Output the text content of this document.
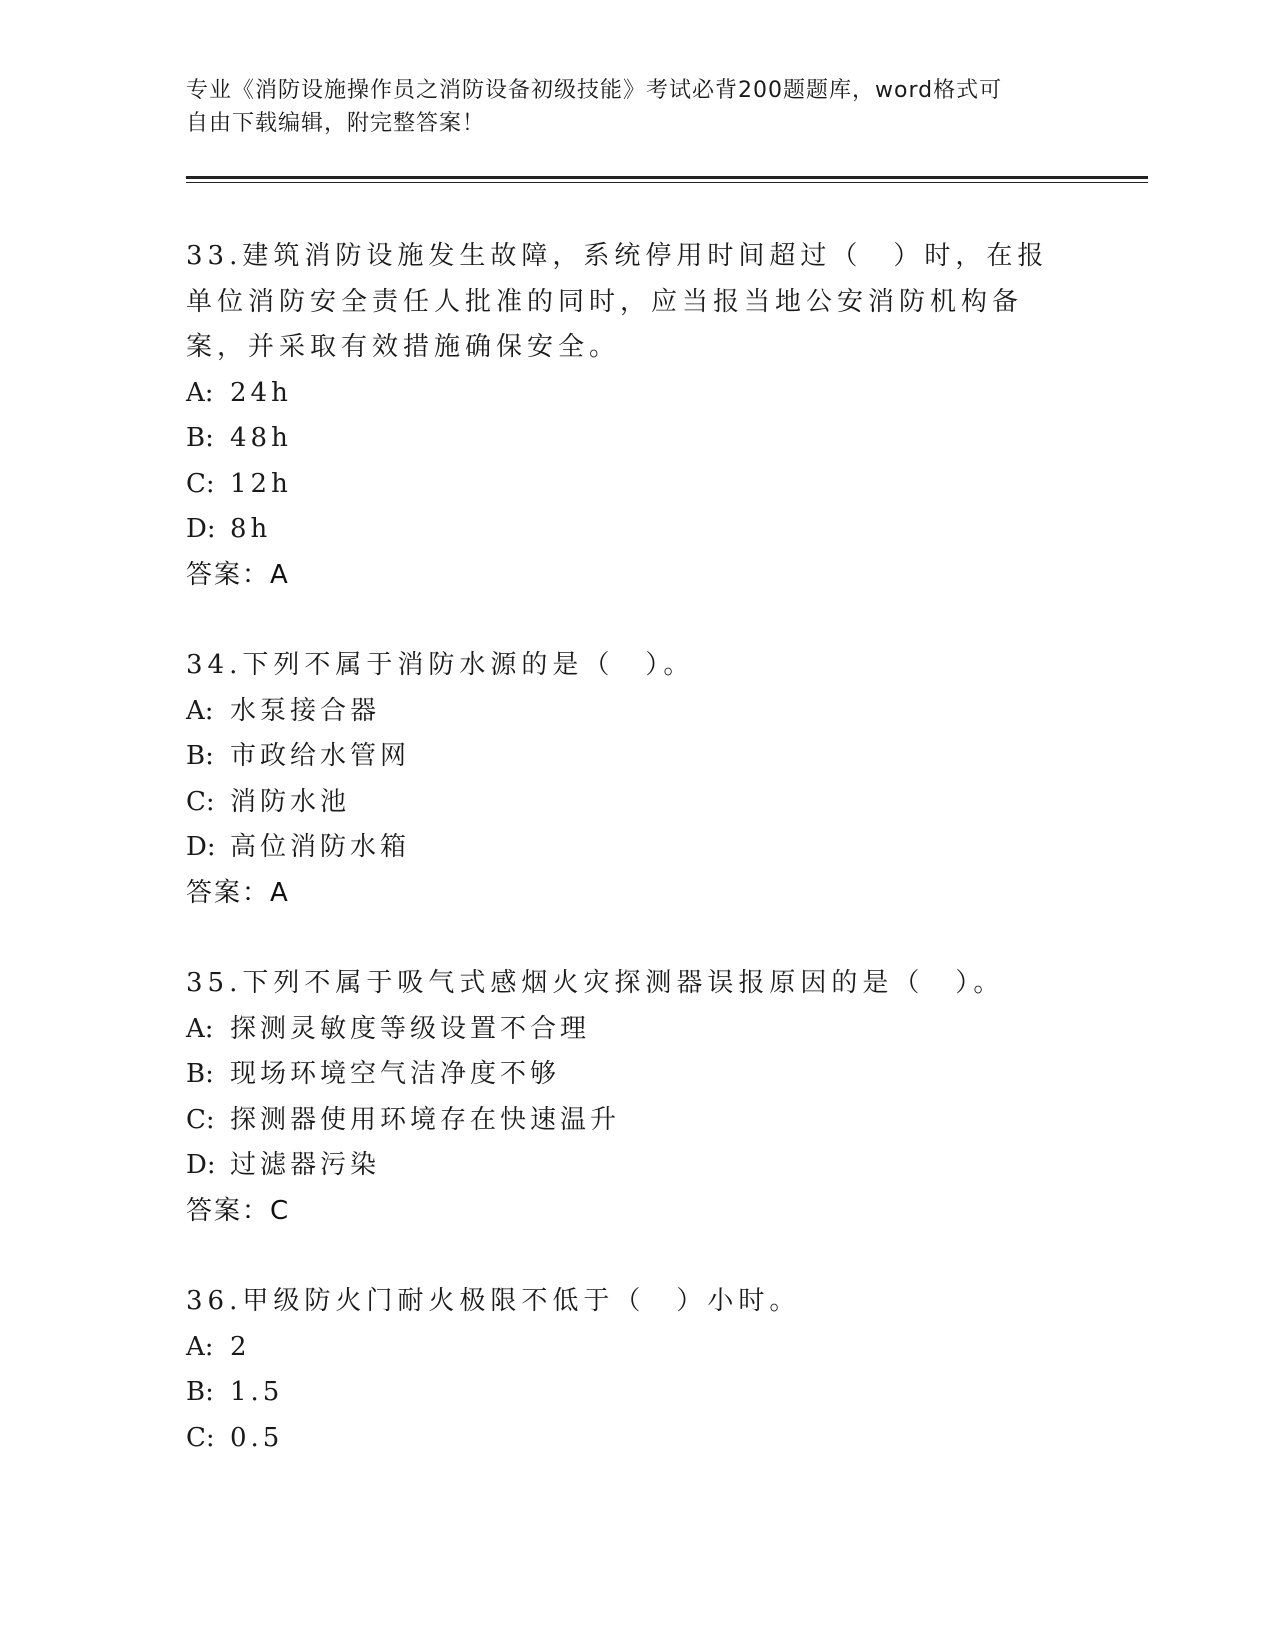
专业《消防设施操作员之消防设备初级技能》考试必背200题题库，word格式可
自由下载编辑，附完整答案！

33.建筑消防设施发生故障，系统停用时间超过（　）时，在报单位消防安全责任人批准的同时，应当报当地公安消防机构备案，并采取有效措施确保安全。

A: 24h

B: 48h

C: 12h

D: 8h

答案：A

34.下列不属于消防水源的是（　）。

A: 水泵接合器

B: 市政给水管网

C: 消防水池

D: 高位消防水箱

答案：A

35.下列不属于吸气式感烟火灾探测器误报原因的是（　）。

A: 探测灵敏度等级设置不合理

B: 现场环境空气洁净度不够

C: 探测器使用环境存在快速温升

D: 过滤器污染

答案：C

36.甲级防火门耐火极限不低于（　）小时。

A: 2

B: 1.5

C: 0.5
